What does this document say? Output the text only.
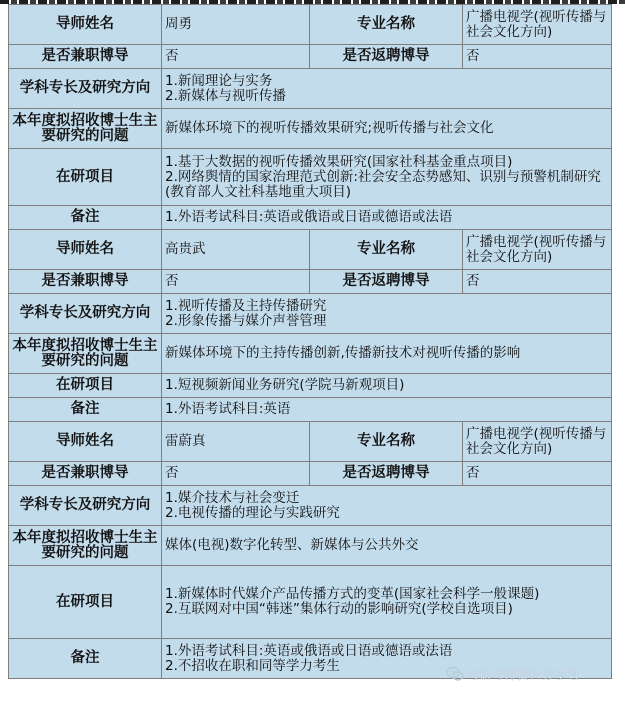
导师姓名	周勇	专业名称	广播电视学(视听传播与社会文化方向)
是否兼职博导	否	是否返聘博导	否
学科专长及研究方向	1.新闻理论与实务
2.新媒体与视听传播		

本年度拟招收博士生主要研究的问题	新媒体环境下的视听传播效果研究;视听传播与社会文化		
在研项目	1.基于大数据的视听传播效果研究(国家社科基金重点项目)
2.网络舆情的国家治理范式创新:社会安全态势感知、识别与预警机制研究(教育部人文社科基地重大项目)		

备注	1.外语考试科目:英语或俄语或日语或德语或法语		

导师姓名	高贵武	专业名称	广播电视学(视听传播与社会文化方向)
是否兼职博导	否	是否返聘博导	否
学科专长及研究方向	1.视听传播及主持传播研究
2.形象传播与媒介声誉管理		

本年度拟招收博士生主要研究的问题	新媒体环境下的主持传播创新,传播新技术对视听传播的影响		
在研项目	1.短视频新闻业务研究(学院马新观项目)		

备注	1.外语考试科目:英语		

导师姓名	雷蔚真	专业名称	广播电视学(视听传播与社会文化方向)
是否兼职博导	否	是否返聘博导	否
学科专长及研究方向	1.媒介技术与社会变迁
2.电视传播的理论与实践研究		

本年度拟招收博士生主要研究的问题	媒体(电视)数字化转型、新媒体与公共外交		
在研项目	1.新媒体时代媒介产品传播方式的变革(国家社会科学一般课题)
2.互联网对中国“韩迷”集体行动的影响研究(学校自选项目)		

备注	1.外语考试科目:英语或俄语或日语或德语或法语
2.不招收在职和同等学力考生		
考研考博资料分享君
